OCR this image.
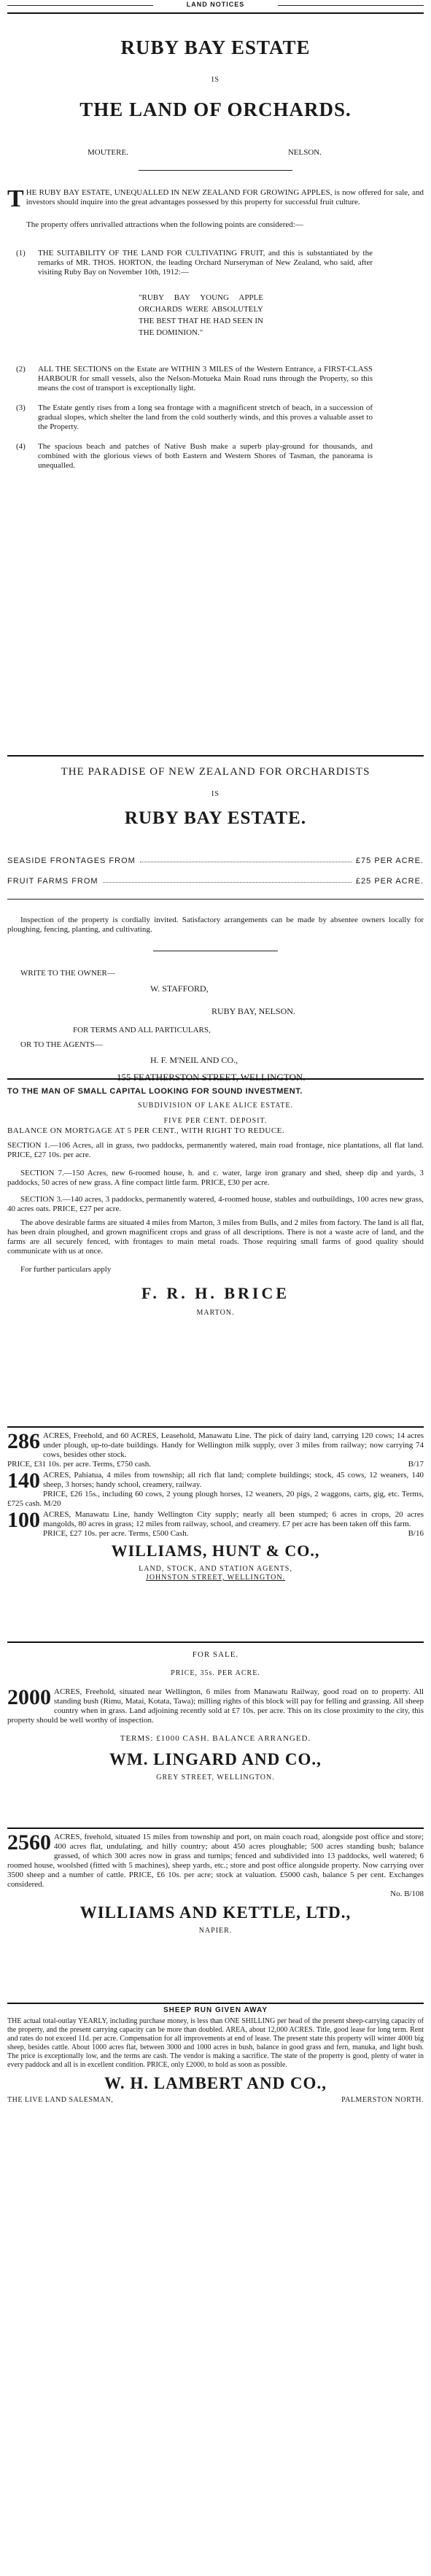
LAND NOTICES
RUBY BAY ESTATE
IS
THE LAND OF ORCHARDS.
MOUTERE.	NELSON.
THE RUBY BAY ESTATE, UNEQUALLED IN NEW ZEALAND FOR GROWING APPLES, is now offered for sale, and investors should inquire into the great advantages possessed by this property for successful fruit culture.
The property offers unrivalled attractions when the following points are considered:—
(1)	THE SUITABILITY OF THE LAND FOR CULTIVATING FRUIT, and this is substantiated by the remarks of MR. THOS. HORTON, the leading Orchard Nurseryman of New Zealand, who said, after visiting Ruby Bay on November 10th, 1912:—
"RUBY BAY YOUNG APPLE ORCHARDS WERE ABSOLUTELY THE BEST THAT HE HAD SEEN IN THE DOMINION."
(2)	ALL THE SECTIONS on the Estate are WITHIN 3 MILES of the Western Entrance, a FIRST-CLASS HARBOUR for small vessels, also the Nelson-Motueka Main Road runs through the Property, so this means the cost of transport is exceptionally light.
(3)	The Estate gently rises from a long sea frontage with a magnificent stretch of beach, in a succession of gradual slopes, which shelter the land from the cold southerly winds, and this proves a valuable asset to the Property.
(4)	The spacious beach and patches of Native Bush make a superb play-ground for thousands, and combined with the glorious views of both Eastern and Western Shores of Tasman, the panorama is unequalled.
THE PARADISE OF NEW ZEALAND FOR ORCHARDISTS
IS
RUBY BAY ESTATE.
SEASIDE FRONTAGES FROM	£75 PER ACRE.
FRUIT FARMS FROM	£25 PER ACRE.
Inspection of the property is cordially invited. Satisfactory arrangements can be made by absentee owners locally for ploughing, fencing, planting, and cultivating.
WRITE TO THE OWNER—
W. STAFFORD,
RUBY BAY, NELSON.
FOR TERMS AND ALL PARTICULARS,
OR TO THE AGENTS—
H. F. M'NEIL AND CO.,
155 FEATHERSTON STREET, WELLINGTON.
TO THE MAN OF SMALL CAPITAL LOOKING FOR SOUND INVESTMENT.
SUBDIVISION OF LAKE ALICE ESTATE.
FIVE PER CENT. DEPOSIT.
BALANCE ON MORTGAGE AT 5 PER CENT., WITH RIGHT TO REDUCE.
SECTION 1.—106 Acres, all in grass, two paddocks, permanently watered, main road frontage, nice plantations, all flat land. PRICE, £27 10s. per acre.
SECTION 7.—150 Acres, new 6-roomed house, h. and c. water, large iron granary and shed, sheep dip and yards, 3 paddocks, 50 acres of new grass. A fine compact little farm. PRICE, £30 per acre.
SECTION 3.—140 acres, 3 paddocks, permanently watered, 4-roomed house, stables and outbuildings, 100 acres new grass, 40 acres oats. PRICE, £27 per acre.
The above desirable farms are situated 4 miles from Marton, 3 miles from Bulls, and 2 miles from factory. The land is all flat, has been drain ploughed, and grown magnificent crops and grass of all descriptions. There is not a waste acre of land, and the farms are all securely fenced, with frontages to main metal roads. Those requiring small farms of good quality should communicate with us at once.
For further particulars apply
F. R. H. BRICE
MARTON.
286 ACRES, Freehold, and 60 ACRES, Leasehold, Manawatu Line. The pick of dairy land, carrying 120 cows; 14 acres under plough, up-to-date buildings. Handy for Wellington milk supply, over 3 miles from railway; now carrying 74 cows, besides other stock.
PRICE, £31 10s. per acre. Terms, £750 cash.	B/17
140 ACRES, Pahiatua, 4 miles from township; all rich flat land; complete buildings; stock, 45 cows, 12 weaners, 140 sheep, 3 horses; handy school, creamery, railway.
PRICE, £26 15s., including 60 cows, 2 young plough horses, 12 weaners, 20 pigs, 2 waggons, carts, gig, etc. Terms, £725 cash. M/20
100 ACRES, Manawatu Line, handy Wellington City supply; nearly all been stumped; 6 acres in crops, 20 acres mangolds, 80 acres in grass; 12 miles from railway, school, and creamery. £7 per acre has been taken off this farm.
PRICE, £27 10s. per acre. Terms, £500 Cash.	B/16
WILLIAMS, HUNT & CO.,
LAND, STOCK, AND STATION AGENTS,
JOHNSTON STREET, WELLINGTON.
FOR SALE.
PRICE, 35s. PER ACRE.
2000 ACRES, Freehold, situated near Wellington, 6 miles from Manawatu Railway, good road on to property. All standing bush (Rimu, Matai, Kotata, Tawa); milling rights of this block will pay for felling and grassing. All sheep country when in grass. Land adjoining recently sold at £7 10s. per acre. This on its close proximity to the city, this property should be well worthy of inspection.
TERMS: £1000 CASH. BALANCE ARRANGED.
WM. LINGARD AND CO.,
GREY STREET, WELLINGTON.
2560 ACRES, freehold, situated 15 miles from township and port, on main coach road, alongside post office and store; 400 acres flat, undulating, and hilly country; about 450 acres ploughable; 500 acres standing bush; balance grassed, of which 300 acres now in grass and turnips; fenced and subdivided into 13 paddocks, well watered; 6 roomed house, woolshed (fitted with 5 machines), sheep yards, etc.; store and post office alongside property. Now carrying over 3500 sheep and a number of cattle. PRICE, £6 10s. per acre; stock at valuation. £5000 cash, balance 5 per cent. Exchanges considered.
No. B/108
WILLIAMS AND KETTLE, LTD.,
NAPIER.
SHEEP RUN GIVEN AWAY
THE actual total-outlay YEARLY, including purchase money, is less than ONE SHILLING per head of the present sheep-carrying capacity of the property, and the present carrying capacity can be more than doubled. AREA, about 12,000 ACRES. Title, good lease for long term. Rent and rates do not exceed 11d. per acre. Compensation for all improvements at end of lease. The present state this property will winter 4000 big sheep, besides cattle. About 1000 acres flat, between 3000 and 1000 acres in bush, balance in good grass and fern, manuka, and light bush. The price is exceptionally low, and the terms are cash. The vendor is making a sacrifice. The state of the property is good, plenty of water in every paddock and all is in excellent condition. PRICE, only £2000, to hold as soon as possible.
W. H. LAMBERT AND CO.,
THE LIVE LAND SALESMAN,	PALMERSTON NORTH.
